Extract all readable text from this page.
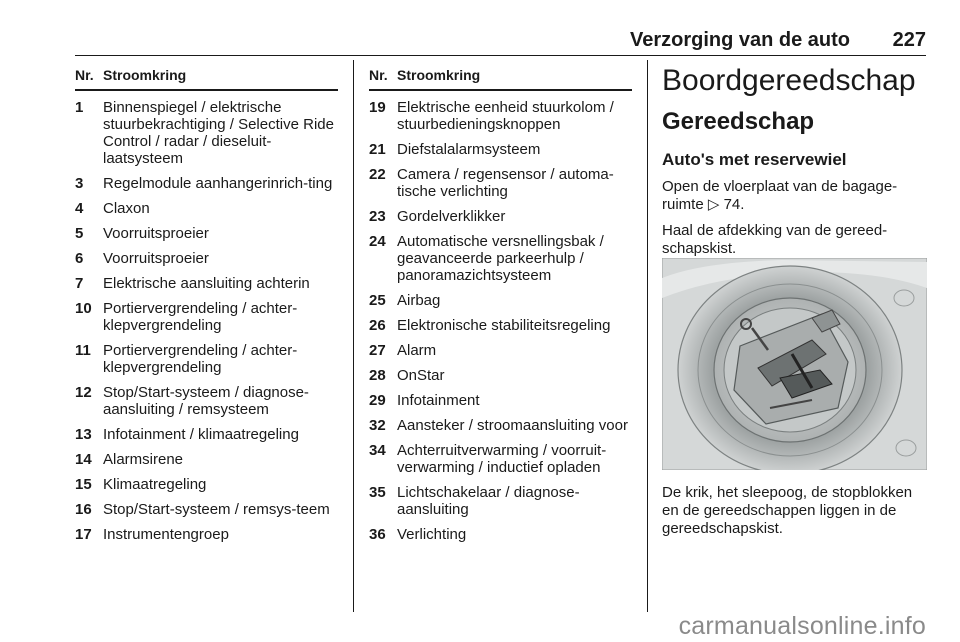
Verzorging van de auto 227
Nr. Stroomkring
1	Binnenspiegel / elektrische stuurbekrachtiging / Selective Ride Control / radar / dieseluit-laatsysteem
3	Regelmodule aanhangerinrich-ting
4	Claxon
5	Voorruitsproeier
6	Voorruitsproeier
7	Elektrische aansluiting achterin
10 Portiervergrendeling / achter-klepvergrendeling
11 Portiervergrendeling / achter-klepvergrendeling
12 Stop/Start-systeem / diagnose-aansluiting / remsysteem
13 Infotainment / klimaatregeling
14 Alarmsirene
15 Klimaatregeling
16 Stop/Start-systeem / remsys-teem
17 Instrumentengroep
Nr. Stroomkring
19 Elektrische eenheid stuurkolom / stuurbedieningsknoppen
21 Diefstalalarmsysteem
22 Camera / regensensor / automa-tische verlichting
23 Gordelverklikker
24 Automatische versnellingsbak / geavanceerde parkeerhulp / panoramazichtsysteem
25 Airbag
26 Elektronische stabiliteitsregeling
27 Alarm
28 OnStar
29 Infotainment
32 Aansteker / stroomaansluiting voor
34 Achterruitverwarming / voorruit-verwarming / inductief opladen
35 Lichtschakelaar / diagnose-aansluiting
36 Verlichting
Boordgereedschap
Gereedschap
Auto's met reservewiel
Open de vloerplaat van de bagage-ruimte ▷ 74.
Haal de afdekking van de gereed-schapskist.
De krik, het sleepoog, de stopblokken en de gereedschappen liggen in de gereedschapskist.
carmanualsonline.info
